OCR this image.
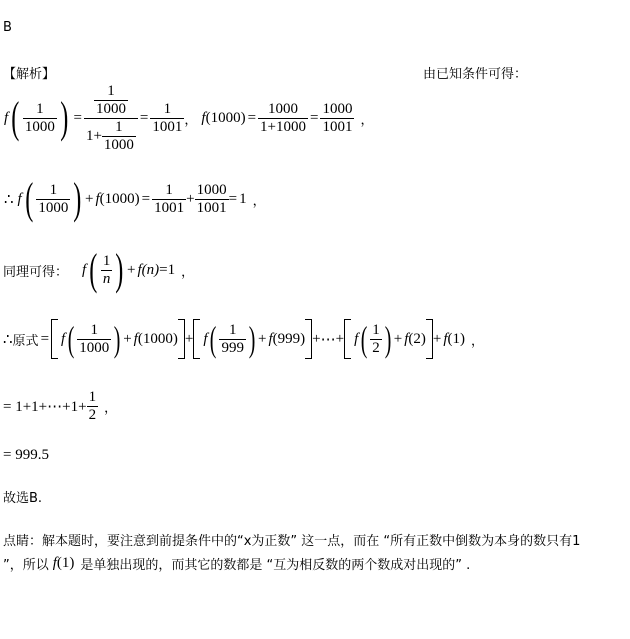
B
【解析】	由已知条件可得：
f ( $\frac{1}{1000}$ ) = $\frac{\frac{1}{1000}}{1+ \frac{1}{1000}} = \frac{1}{1001}$ ， f $(1000) = \frac{1000}{1+1000} = \frac{1000}{1001}$ ，
∴ f ( $\frac{1}{1000}$ ) + f $(1000) = \frac{1}{1001} + \frac{1000}{1001} = 1$ ，
同理可得： f ( $\frac{1}{n}$ ) + f (n) = 1 ，
∴ 原式 = f ( $\frac{1}{1000}$ ) + f (1000) + f ( $\frac{1}{999}$ ) + f (999) + ⋯ + f ( $\frac{1}{2}$ ) + f (2) + f (1) ，
= 1+1+⋯+1+ $\frac{1}{2}$ ，
= 999.5
故选B.
点睛：解本题时，要注意到前提条件中的“x为正数” 这一点，而在 “所有正数中倒数为本身的数只有1
”，所以 f (1) 是单独出现的，而其它的数都是 “互为相反数的两个数成对出现的” .
